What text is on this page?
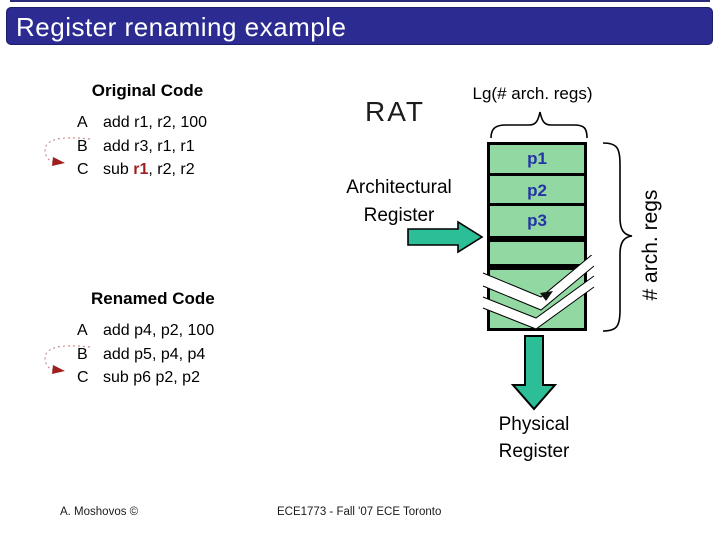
Register renaming example
Original Code
A add r1, r2, 100
B add r3, r1, r1
C sub r1, r2, r2
Renamed Code
A add p4, p2, 100
B add p5, p4, p4
C sub p6 p2, p2
RAT
Lg(# arch. regs)
Architectural
Register
p1
p2
p3	# arch. regs
Physical
Register
A. Moshovos ©	ECE1773 - Fall '07 ECE Toronto
